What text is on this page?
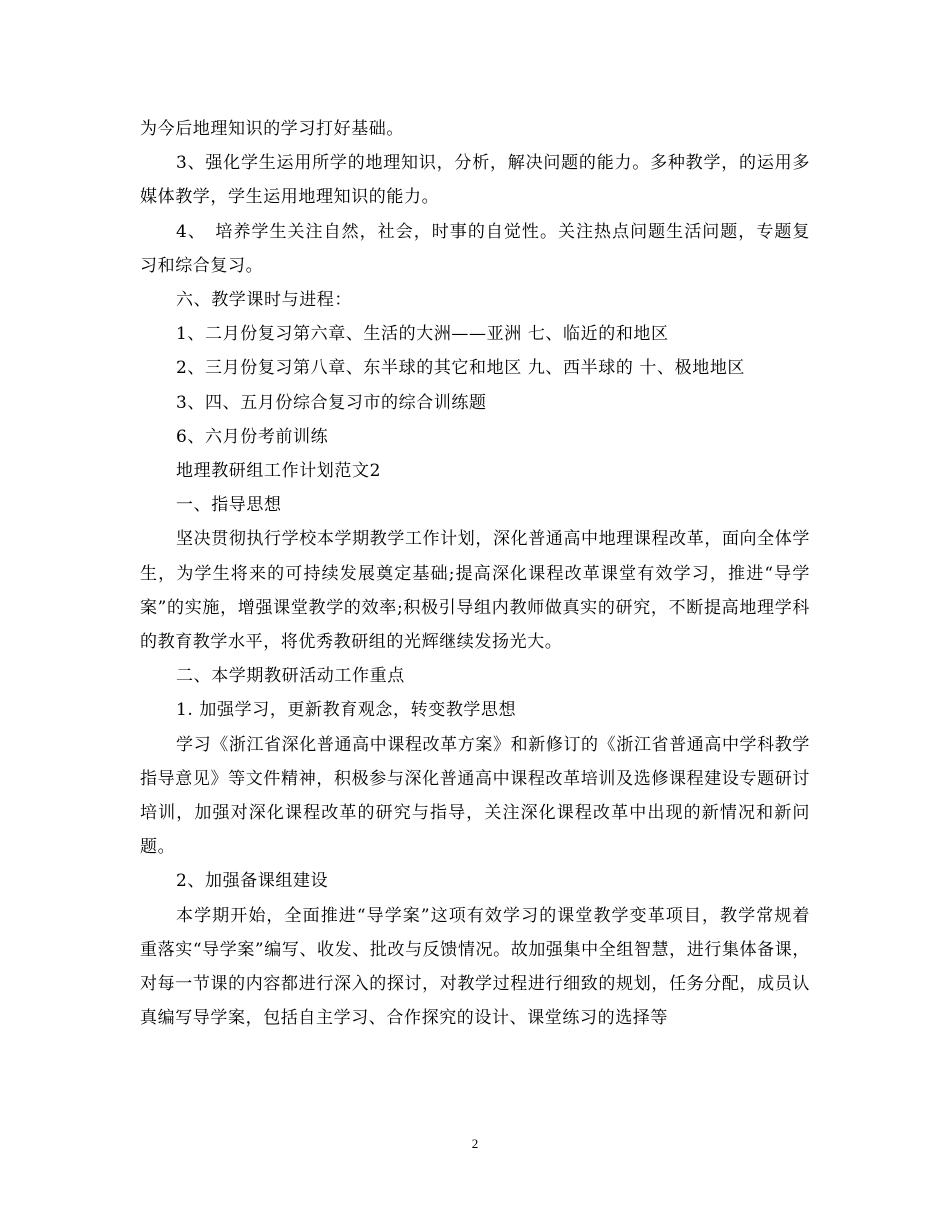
为今后地理知识的学习打好基础。

3、强化学生运用所学的地理知识，分析，解决问题的能力。多种教学，的运用多媒体教学，学生运用地理知识的能力。

4、　培养学生关注自然，社会，时事的自觉性。关注热点问题生活问题，专题复习和综合复习。

六、教学课时与进程：

1、二月份复习第六章、生活的大洲——亚洲 七、临近的和地区

2、三月份复习第八章、东半球的其它和地区 九、西半球的 十、极地地区

3、四、五月份综合复习市的综合训练题

6、六月份考前训练

地理教研组工作计划范文2

一、指导思想

坚决贯彻执行学校本学期教学工作计划，深化普通高中地理课程改革，面向全体学生，为学生将来的可持续发展奠定基础;提高深化课程改革课堂有效学习，推进“导学案”的实施，增强课堂教学的效率;积极引导组内教师做真实的研究，不断提高地理学科的教育教学水平，将优秀教研组的光辉继续发扬光大。

二、本学期教研活动工作重点

1. 加强学习，更新教育观念，转变教学思想

学习《浙江省深化普通高中课程改革方案》和新修订的《浙江省普通高中学科教学指导意见》等文件精神，积极参与深化普通高中课程改革培训及选修课程建设专题研讨培训，加强对深化课程改革的研究与指导，关注深化课程改革中出现的新情况和新问题。

2、加强备课组建设

本学期开始，全面推进“导学案”这项有效学习的课堂教学变革项目，教学常规着重落实“导学案”编写、收发、批改与反馈情况。故加强集中全组智慧，进行集体备课，对每一节课的内容都进行深入的探讨，对教学过程进行细致的规划，任务分配，成员认真编写导学案，包括自主学习、合作探究的设计、课堂练习的选择等

2
